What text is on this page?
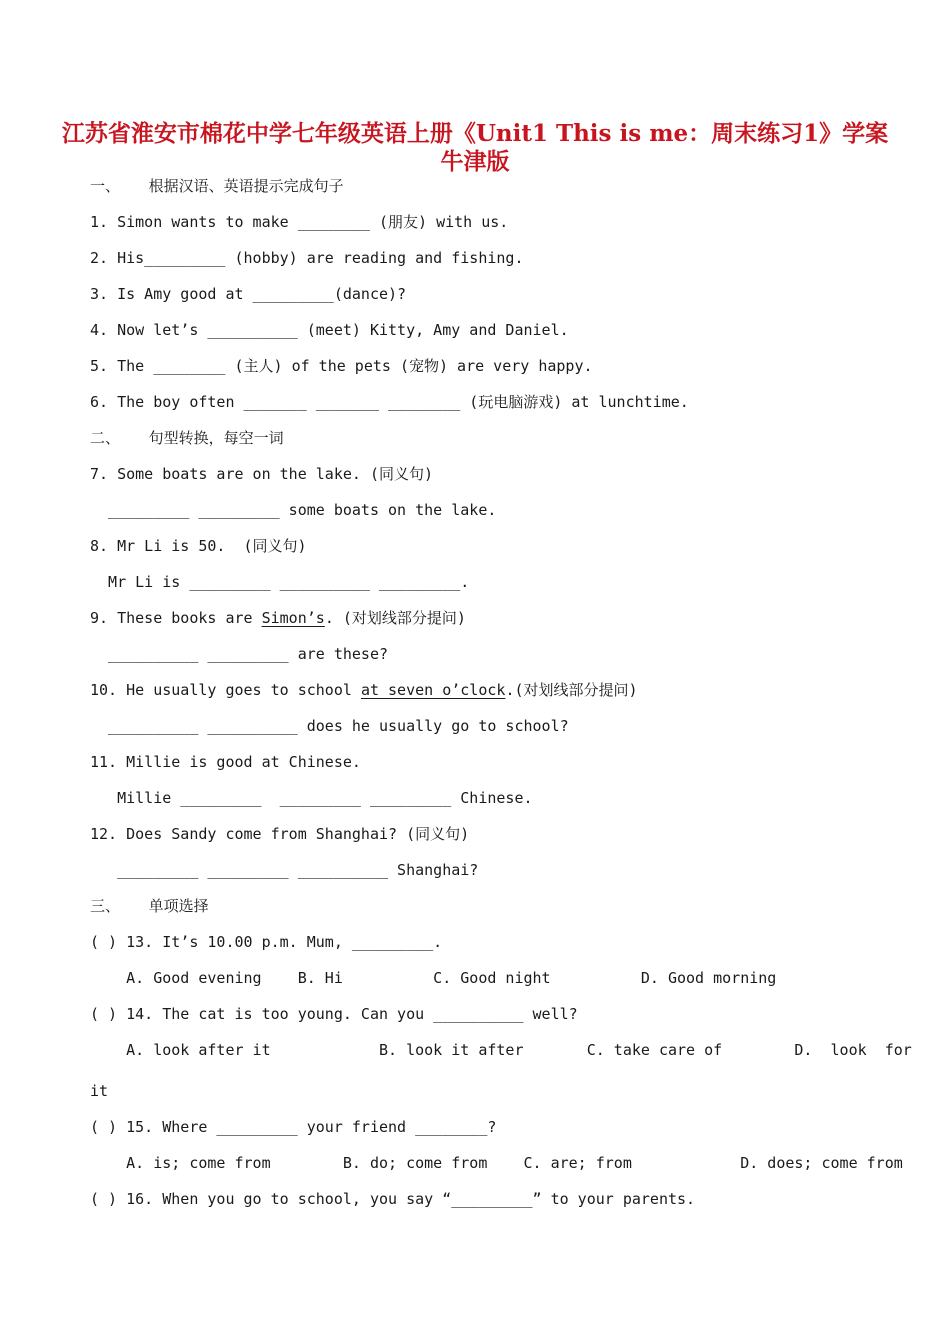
江苏省淮安市棉花中学七年级英语上册《Unit1 This is me：周末练习1》学案 牛津版
一、      根据汉语、英语提示完成句子
1. Simon wants to make ________ (朋友) with us.
2. His_________ (hobby) are reading and fishing.
3. Is Amy good at _________(dance)?
4. Now let’s __________ (meet) Kitty, Amy and Daniel.
5. The ________ (主人) of the pets (宠物) are very happy.
6. The boy often _______ _______ ________ (玩电脑游戏) at lunchtime.
二、      句型转换，每空一词
7. Some boats are on the lake. (同义句)
_________ _________ some boats on the lake.
8. Mr Li is 50.  (同义句)
Mr Li is _________ __________ _________.
9. These books are Simon’s. (对划线部分提问)
__________ _________ are these?
10. He usually goes to school at seven o’clock.(对划线部分提问)
__________ __________ does he usually go to school?
11. Millie is good at Chinese.
Millie _________  _________ _________ Chinese.
12. Does Sandy come from Shanghai? (同义句)
_________ _________ __________ Shanghai?
三、      单项选择
( ) 13. It’s 10.00 p.m. Mum, _________.
A. Good evening    B. Hi          C. Good night          D. Good morning
( ) 14. The cat is too young. Can you __________ well?
A. look after it            B. look it after       C. take care of        D.  look  for
it
( ) 15. Where _________ your friend ________?
A. is; come from        B. do; come from    C. are; from            D. does; come from
( ) 16. When you go to school, you say “_________” to your parents.
